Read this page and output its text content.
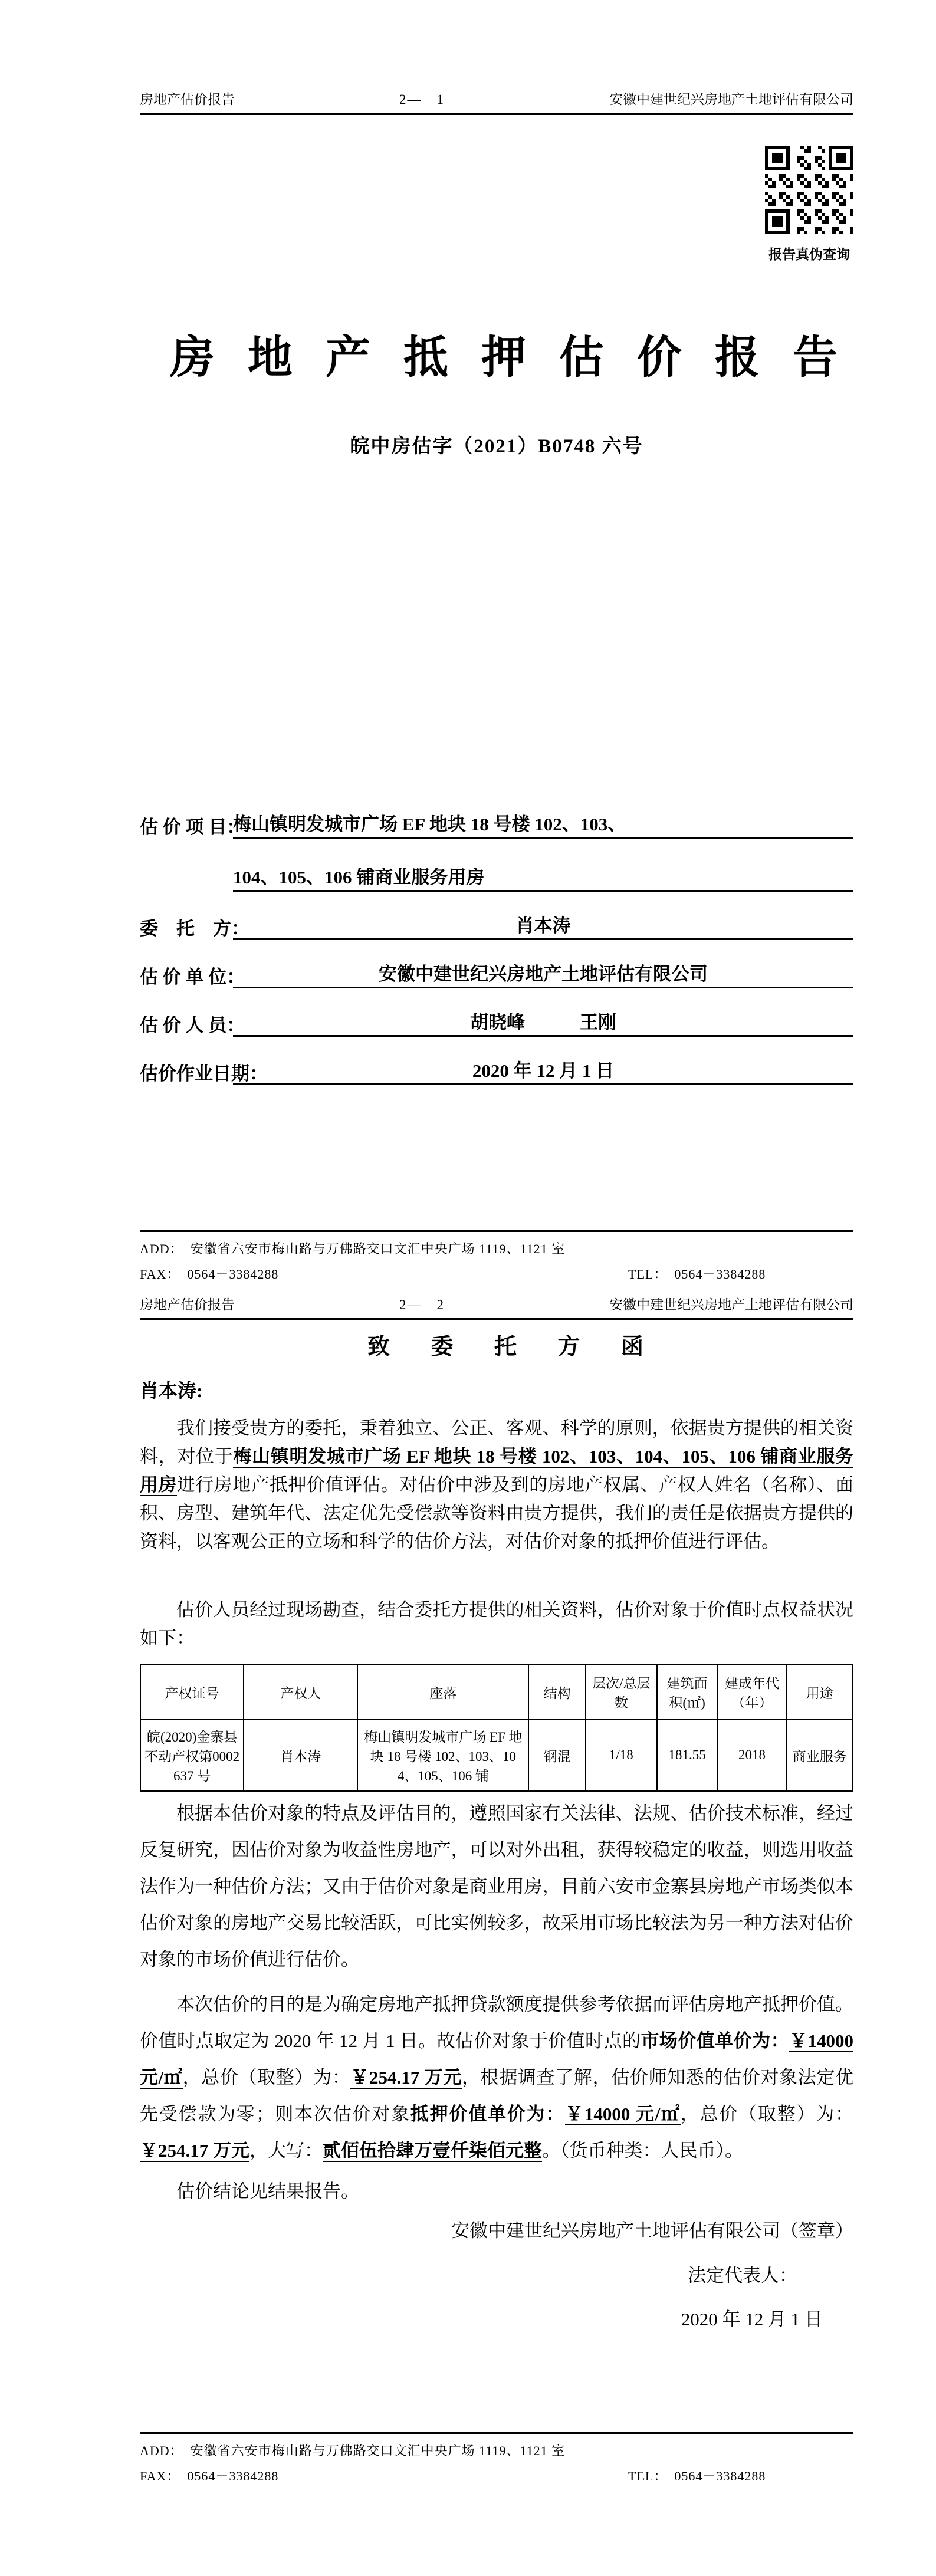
房地产估价报告	2—　1	安徽中建世纪兴房地产土地评估有限公司
报告真伪查询
房地产抵押估价报告
皖中房估字（2021）B0748 六号
估 价 项 目：
梅山镇明发城市广场 EF 地块 18 号楼 102、103、
104、105、106 铺商业服务用房
委　托　方：	肖本涛
估 价 单 位：	安徽中建世纪兴房地产土地评估有限公司
估 价 人 员：	胡晓峰　　　王刚
估价作业日期：	2020 年 12 月 1 日
ADD：　安徽省六安市梅山路与万佛路交口文汇中央广场 1119、1121 室
FAX：　0564－3384288	TEL：　0564－3384288
房地产估价报告	2—　2	安徽中建世纪兴房地产土地评估有限公司
致 委 托 方 函
肖本涛:
我们接受贵方的委托，秉着独立、公正、客观、科学的原则，依据贵方提供的相关资料，对位于梅山镇明发城市广场 EF 地块 18 号楼 102、103、104、105、106 铺商业服务用房进行房地产抵押价值评估。对估价中涉及到的房地产权属、产权人姓名（名称）、面积、房型、建筑年代、法定优先受偿款等资料由贵方提供，我们的责任是依据贵方提供的资料，以客观公正的立场和科学的估价方法，对估价对象的抵押价值进行评估。
估价人员经过现场勘查，结合委托方提供的相关资料，估价对象于价值时点权益状况如下：
产权证号	产权人	座落	结构	层次/总层数	建筑面积(㎡)	建成年代（年）	用途
皖(2020)金寨县不动产权第0002637 号	肖本涛	梅山镇明发城市广场 EF 地块 18 号楼 102、103、104、105、106 铺	钢混	1/18	181.55	2018	商业服务
根据本估价对象的特点及评估目的，遵照国家有关法律、法规、估价技术标准，经过反复研究，因估价对象为收益性房地产，可以对外出租，获得较稳定的收益，则选用收益法作为一种估价方法；又由于估价对象是商业用房，目前六安市金寨县房地产市场类似本估价对象的房地产交易比较活跃，可比实例较多，故采用市场比较法为另一种方法对估价对象的市场价值进行估价。
本次估价的目的是为确定房地产抵押贷款额度提供参考依据而评估房地产抵押价值。价值时点取定为 2020 年 12 月 1 日。故估价对象于价值时点的市场价值单价为：￥14000 元/㎡，总价（取整）为：￥254.17 万元，根据调查了解，估价师知悉的估价对象法定优先受偿款为零；则本次估价对象抵押价值单价为：￥14000 元/㎡，总价（取整）为：￥254.17 万元，大写：贰佰伍拾肆万壹仟柒佰元整。（货币种类：人民币）。
估价结论见结果报告。
安徽中建世纪兴房地产土地评估有限公司（签章）
法定代表人：
2020 年 12 月 1 日
ADD：　安徽省六安市梅山路与万佛路交口文汇中央广场 1119、1121 室
FAX：　0564－3384288	TEL：　0564－3384288
